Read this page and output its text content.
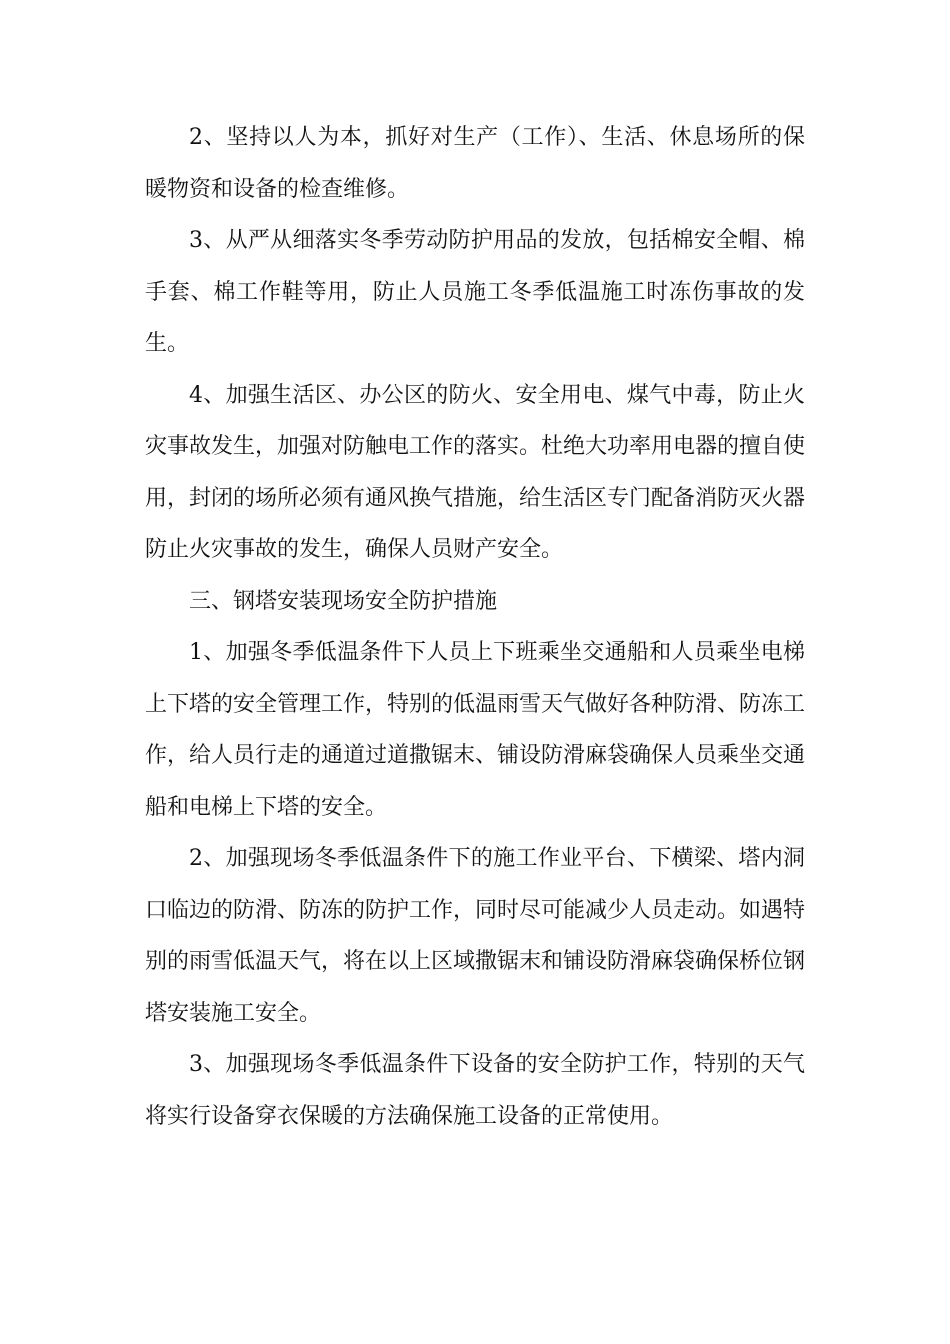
2、坚持以人为本，抓好对生产（工作）、生活、休息场所的保暖物资和设备的检查维修。

3、从严从细落实冬季劳动防护用品的发放，包括棉安全帽、棉手套、棉工作鞋等用，防止人员施工冬季低温施工时冻伤事故的发生。

4、加强生活区、办公区的防火、安全用电、煤气中毒，防止火灾事故发生，加强对防触电工作的落实。杜绝大功率用电器的擅自使用，封闭的场所必须有通风换气措施，给生活区专门配备消防灭火器防止火灾事故的发生，确保人员财产安全。

三、钢塔安装现场安全防护措施

1、加强冬季低温条件下人员上下班乘坐交通船和人员乘坐电梯上下塔的安全管理工作，特别的低温雨雪天气做好各种防滑、防冻工作，给人员行走的通道过道撒锯末、铺设防滑麻袋确保人员乘坐交通船和电梯上下塔的安全。

2、加强现场冬季低温条件下的施工作业平台、下横梁、塔内洞口临边的防滑、防冻的防护工作，同时尽可能减少人员走动。如遇特别的雨雪低温天气，将在以上区域撒锯末和铺设防滑麻袋确保桥位钢塔安装施工安全。

3、加强现场冬季低温条件下设备的安全防护工作，特别的天气将实行设备穿衣保暖的方法确保施工设备的正常使用。
